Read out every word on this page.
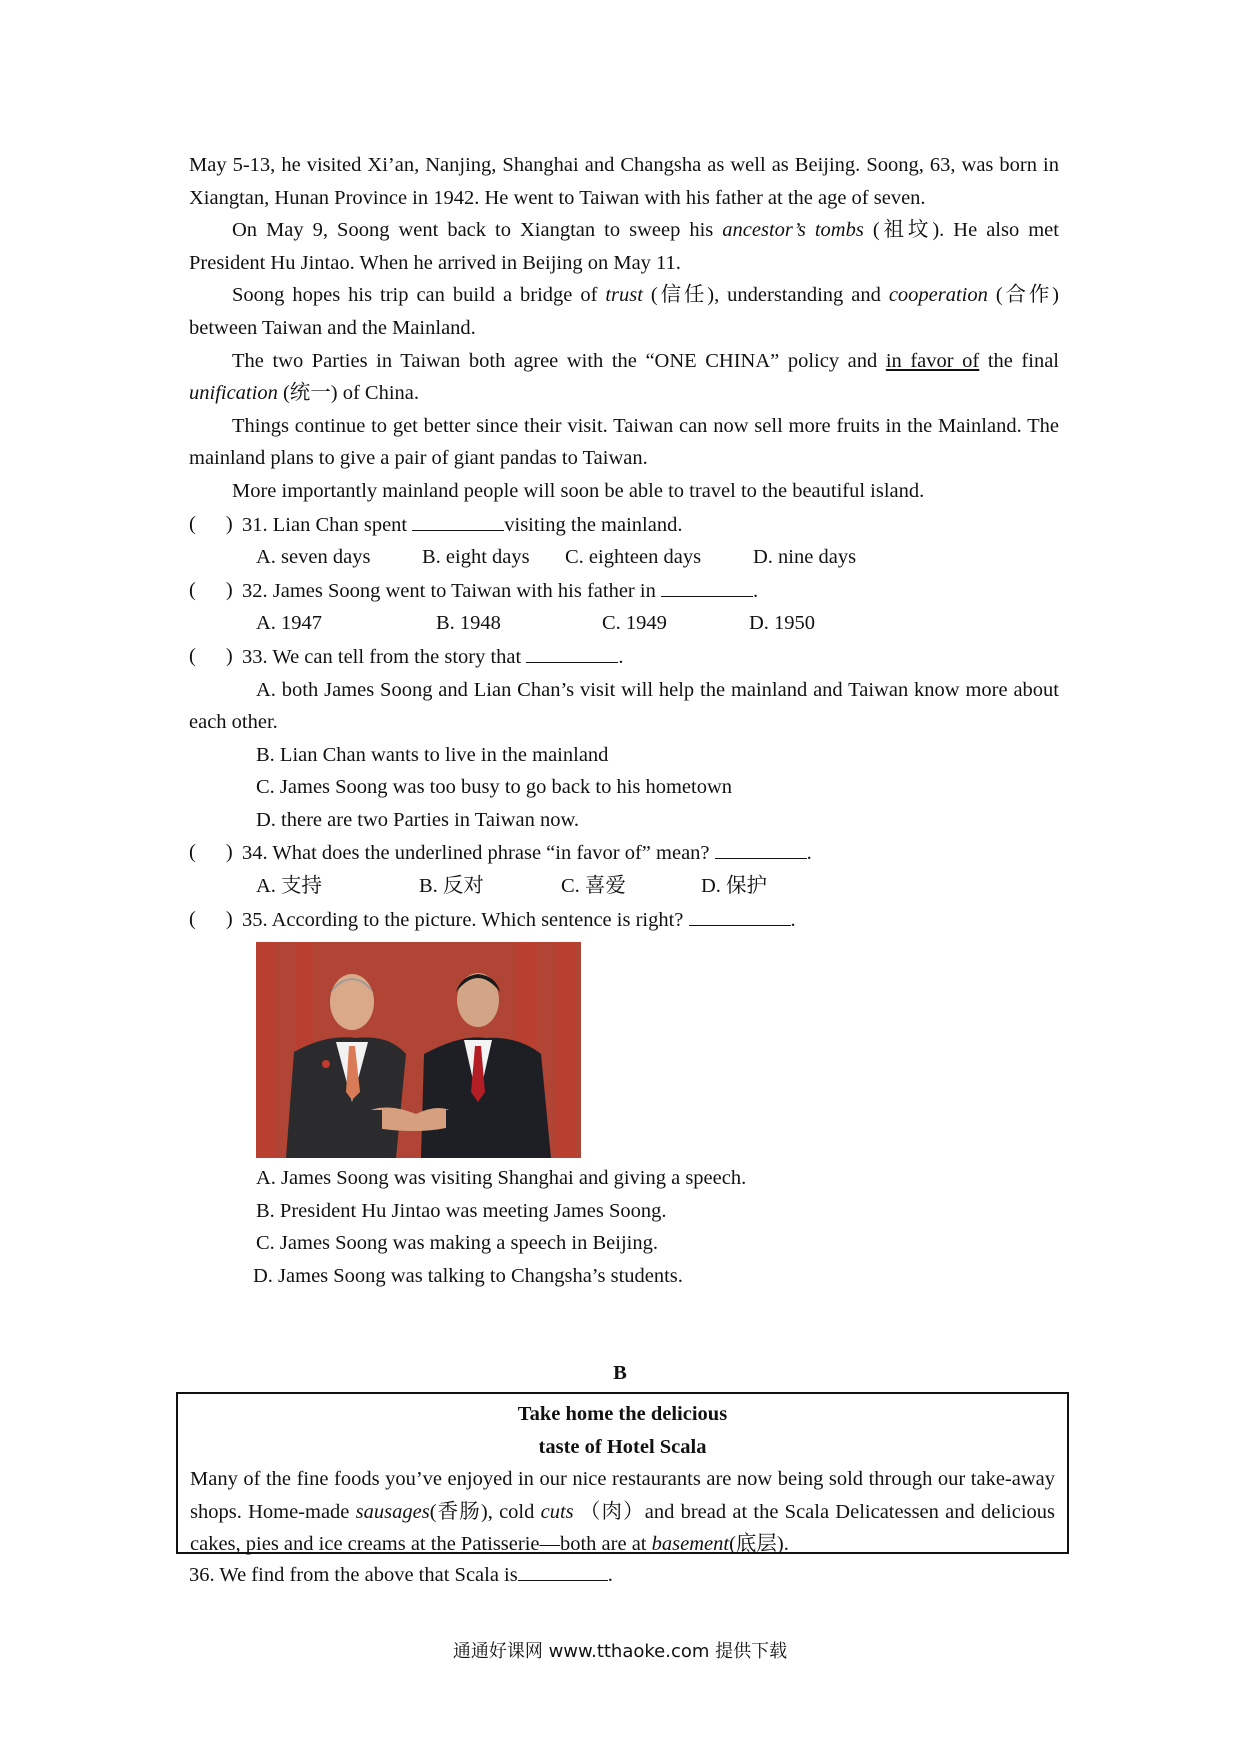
May 5-13, he visited Xi’an, Nanjing, Shanghai and Changsha as well as Beijing. Soong, 63, was born in Xiangtan, Hunan Province in 1942. He went to Taiwan with his father at the age of seven.

On May 9, Soong went back to Xiangtan to sweep his ancestor’s tombs (祖坟). He also met President Hu Jintao. When he arrived in Beijing on May 11.

Soong hopes his trip can build a bridge of trust (信任), understanding and cooperation (合作) between Taiwan and the Mainland.

The two Parties in Taiwan both agree with the “ONE CHINA” policy and in favor of the final unification (统一) of China.

Things continue to get better since their visit. Taiwan can now sell more fruits in the Mainland. The mainland plans to give a pair of giant pandas to Taiwan.

More importantly mainland people will soon be able to travel to the beautiful island.

( ) 31. Lian Chan spent	visiting the mainland.
A. seven days	B. eight days	C. eighteen days	D. nine days
( ) 32. James Soong went to Taiwan with his father in	.
A. 1947	B. 1948	C. 1949	D. 1950
( ) 33. We can tell from the story that	.

A. both James Soong and Lian Chan’s visit will help the mainland and Taiwan know more about each other.

B. Lian Chan wants to live in the mainland
C. James Soong was too busy to go back to his hometown
D. there are two Parties in Taiwan now.
( ) 34. What does the underlined phrase “in favor of” mean?	.
A. 支持	B. 反对	C. 喜爱	D. 保护
( ) 35. According to the picture. Which sentence is right?	.
A. James Soong was visiting Shanghai and giving a speech.
B. President Hu Jintao was meeting James Soong.
C. James Soong was making a speech in Beijing.
D. James Soong was talking to Changsha’s students.
B
Take home the delicious
taste of Hotel Scala

Many of the fine foods you’ve enjoyed in our nice restaurants are now being sold through our take-away shops. Home-made sausages(香肠), cold cuts （肉）and bread at the Scala Delicatessen and delicious cakes, pies and ice creams at the Patisserie—both are at basement(底层).

36. We find from the above that Scala is	.
通通好课网 www.tthaoke.com 提供下载
